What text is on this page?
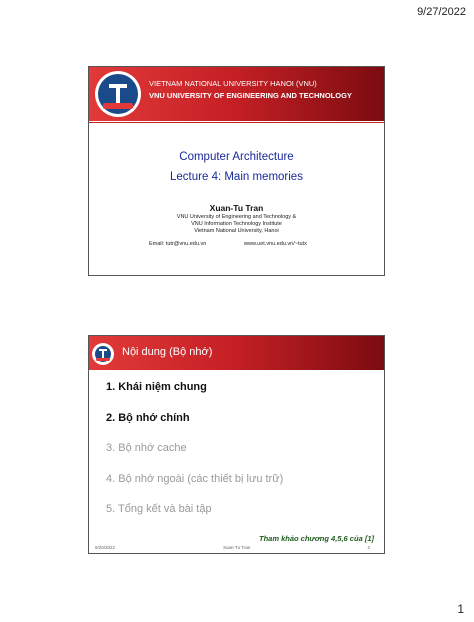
9/27/2022
VIETNAM NATIONAL UNIVERSITY HANOI (VNU)
VNU UNIVERSITY OF ENGINEERING AND TECHNOLOGY
Computer Architecture
Lecture 4: Main memories
Xuan-Tu Tran
VNU University of Engineering and Technology &
VNU Information Technology Institute
Vietnam National University, Hanoi
Email: tutr@vnu.edu.vn	www.uet.vnu.edu.vn/~tutx
Nội dung (Bộ nhớ)
1. Khái niệm chung
2. Bộ nhớ chính
3. Bộ nhớ cache
4. Bộ nhớ ngoài (các thiết bị lưu trữ)
5. Tổng kết và bài tập
Tham khảo chương 4,5,6 của [1]
9/20/2022	Xuan-Tu Tran	2
1
